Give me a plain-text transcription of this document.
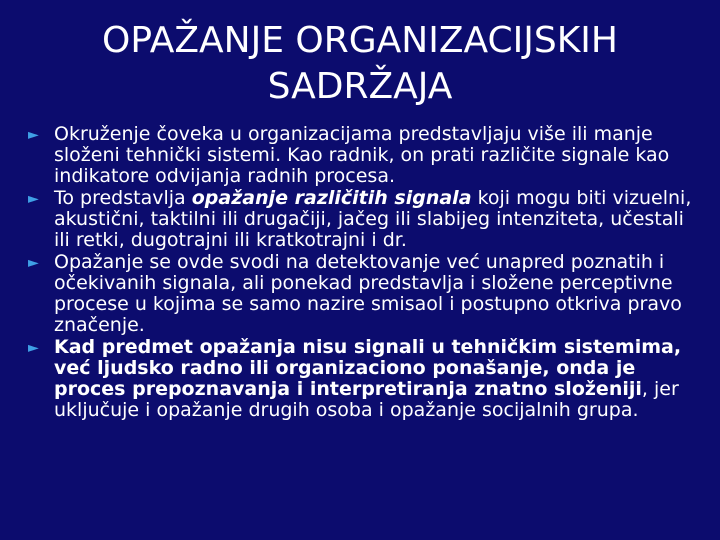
OPAŽANJE ORGANIZACIJSKIH
SADRŽAJA
► Okruženje čoveka u organizacijama predstavljaju više ili manje složeni tehnički sistemi. Kao radnik, on prati različite signale kao indikatore odvijanja radnih procesa.
► To predstavlja opažanje različitih signala koji mogu biti vizuelni, akustični, taktilni ili drugačiji, jačeg ili slabijeg intenziteta, učestali ili retki, dugotrajni ili kratkotrajni i dr.
► Opažanje se ovde svodi na detektovanje već unapred poznatih i očekivanih signala, ali ponekad predstavlja i složene perceptivne procese u kojima se samo nazire smisaol i postupno otkriva pravo značenje.
► Kad predmet opažanja nisu signali u tehničkim sistemima, već ljudsko radno ili organizaciono ponašanje, onda je proces prepoznavanja i interpretiranja znatno složeniji, jer uključuje i opažanje drugih osoba i opažanje socijalnih grupa.
